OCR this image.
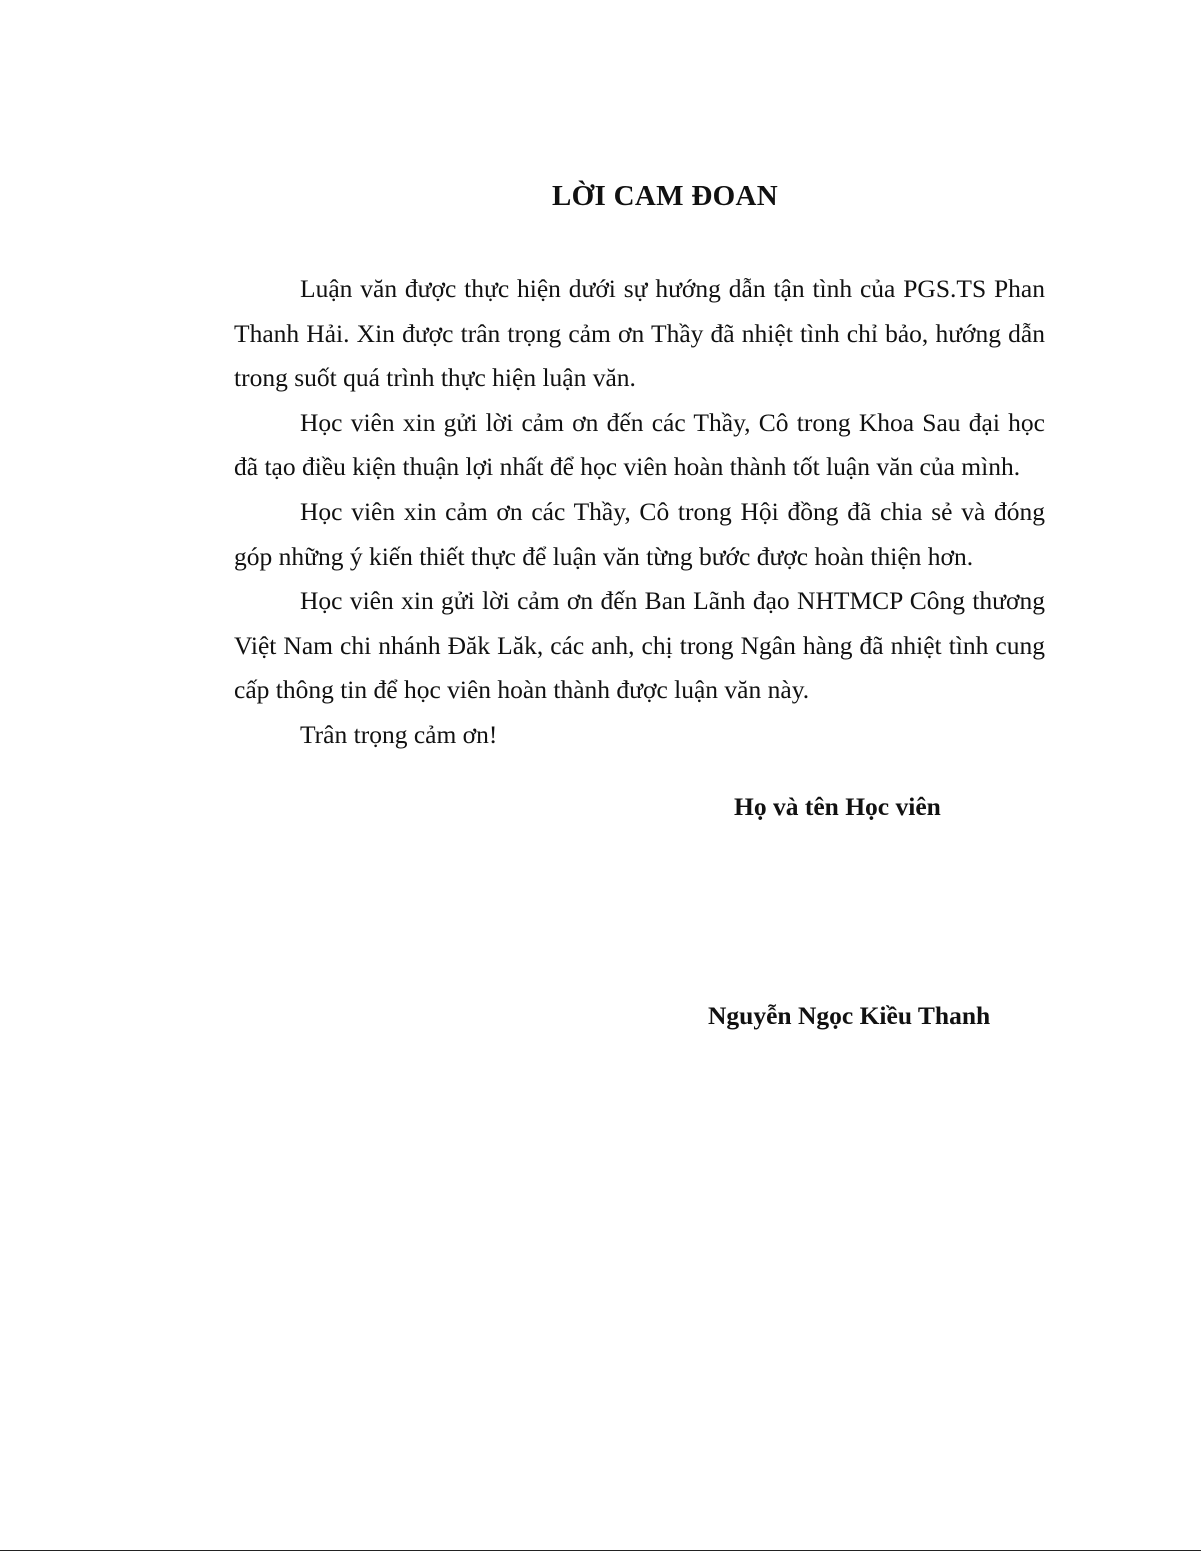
LỜI CAM ĐOAN

Luận văn được thực hiện dưới sự hướng dẫn tận tình của PGS.TS Phan Thanh Hải. Xin được trân trọng cảm ơn Thầy đã nhiệt tình chỉ bảo, hướng dẫn trong suốt quá trình thực hiện luận văn.

Học viên xin gửi lời cảm ơn đến các Thầy, Cô trong Khoa Sau đại học đã tạo điều kiện thuận lợi nhất để học viên hoàn thành tốt luận văn của mình.

Học viên xin cảm ơn các Thầy, Cô trong Hội đồng đã chia sẻ và đóng góp những ý kiến thiết thực để luận văn từng bước được hoàn thiện hơn.

Học viên xin gửi lời cảm ơn đến Ban Lãnh đạo NHTMCP Công thương Việt Nam chi nhánh Đăk Lăk, các anh, chị trong Ngân hàng đã nhiệt tình cung cấp thông tin để học viên hoàn thành được luận văn này.

Trân trọng cảm ơn!

Họ và tên Học viên

Nguyễn Ngọc Kiều Thanh
